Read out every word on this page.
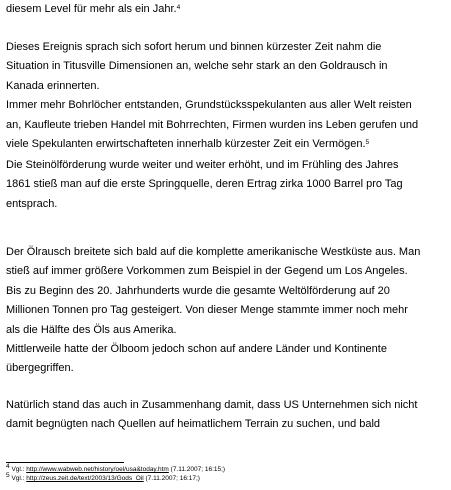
diesem Level für mehr als ein Jahr.$^4$
Dieses Ereignis sprach sich sofort herum und binnen kürzester Zeit nahm die
Situation in Titusville Dimensionen an, welche sehr stark an den Goldrausch in
Kanada erinnerten.
Immer mehr Bohrlöcher entstanden, Grundstücksspekulanten aus aller Welt reisten
an, Kaufleute trieben Handel mit Bohrrechten, Firmen wurden ins Leben gerufen und
viele Spekulanten erwirtschafteten innerhalb kürzester Zeit ein Vermögen.$^5$
Die Steinölförderung wurde weiter und weiter erhöht, und im Frühling des Jahres
1861 stieß man auf die erste Springquelle, deren Ertrag zirka 1000 Barrel pro Tag
entsprach.
Der Ölrausch breitete sich bald auf die komplette amerikanische Westküste aus. Man
stieß auf immer größere Vorkommen zum Beispiel in der Gegend um Los Angeles.
Bis zu Beginn des 20. Jahrhunderts wurde die gesamte Weltölförderung auf 20
Millionen Tonnen pro Tag gesteigert. Von dieser Menge stammte immer noch mehr
als die Hälfte des Öls aus Amerika.
Mittlerweile hatte der Ölboom jedoch schon auf andere Länder und Kontinente
übergegriffen.
Natürlich stand das auch in Zusammenhang damit, dass US Unternehmen sich nicht
damit begnügten nach Quellen auf heimatlichem Terrain zu suchen, und bald
$^4$ Vgl.: http://www.wabweb.net/history/oel/usa&today.htm (7.11.2007; 16:15;)
$^5$ Vgl.: http://zeus.zeit.de/text/2003/13/Gods_Oil (7.11.2007; 16:17;)
